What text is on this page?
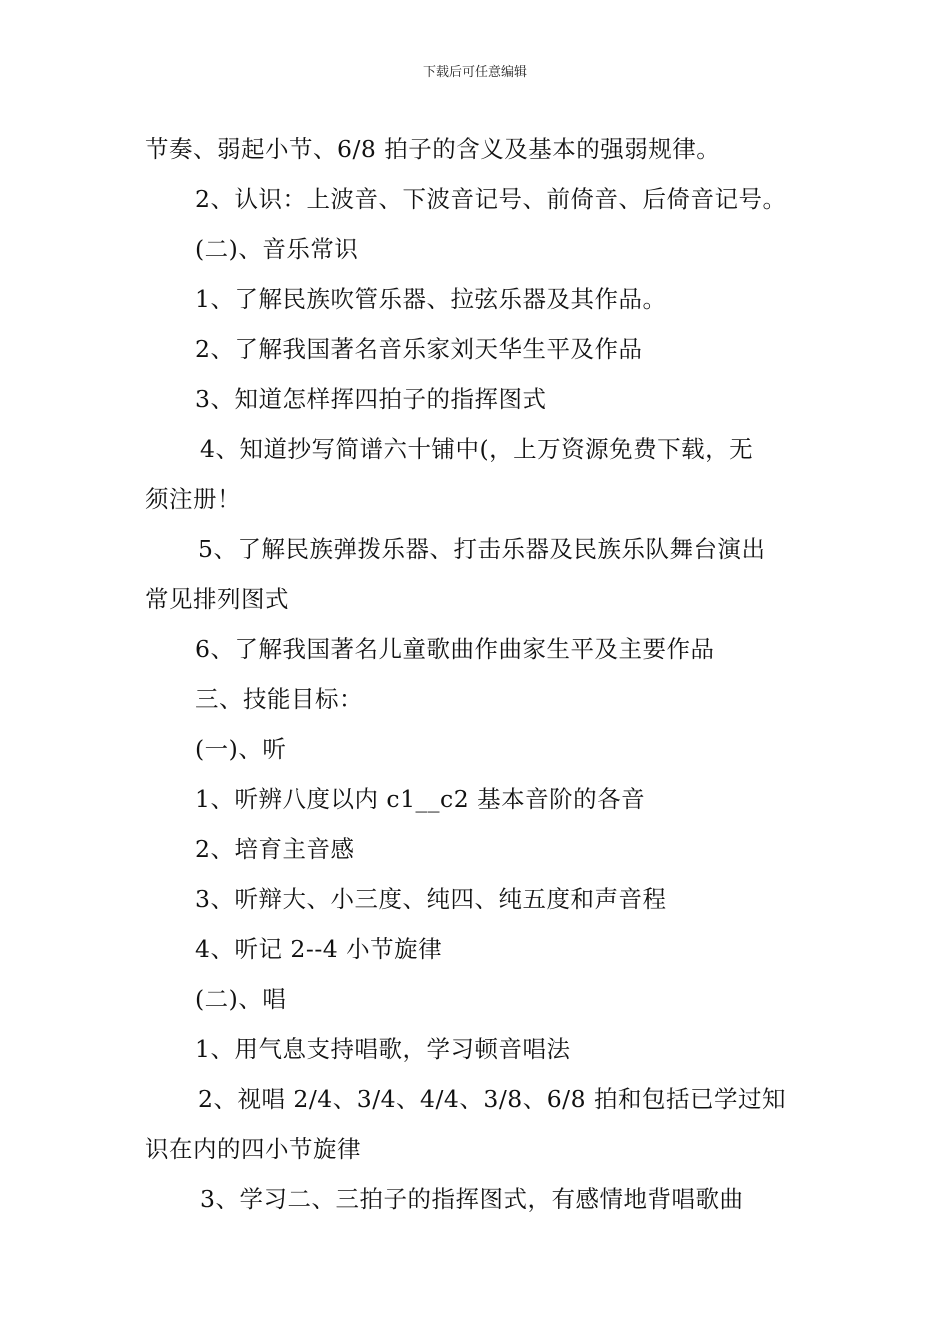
下载后可任意编辑
节奏、弱起小节、6/8 拍子的含义及基本的强弱规律。
2、认识：上波音、下波音记号、前倚音、后倚音记号。
(二)、音乐常识
1、了解民族吹管乐器、拉弦乐器及其作品。
2、了解我国著名音乐家刘天华生平及作品
3、知道怎样挥四拍子的指挥图式
4、知道抄写简谱六十铺中(，上万资源免费下载，无
须注册！
5、了解民族弹拨乐器、打击乐器及民族乐队舞台演出
常见排列图式
6、了解我国著名儿童歌曲作曲家生平及主要作品
三、技能目标：
(一)、听
1、听辨八度以内 c1__c2 基本音阶的各音
2、培育主音感
3、听辩大、小三度、纯四、纯五度和声音程
4、听记 2--4 小节旋律
(二)、唱
1、用气息支持唱歌，学习顿音唱法
2、视唱 2/4、3/4、4/4、3/8、6/8 拍和包括已学过知
识在内的四小节旋律
3、学习二、三拍子的指挥图式，有感情地背唱歌曲
